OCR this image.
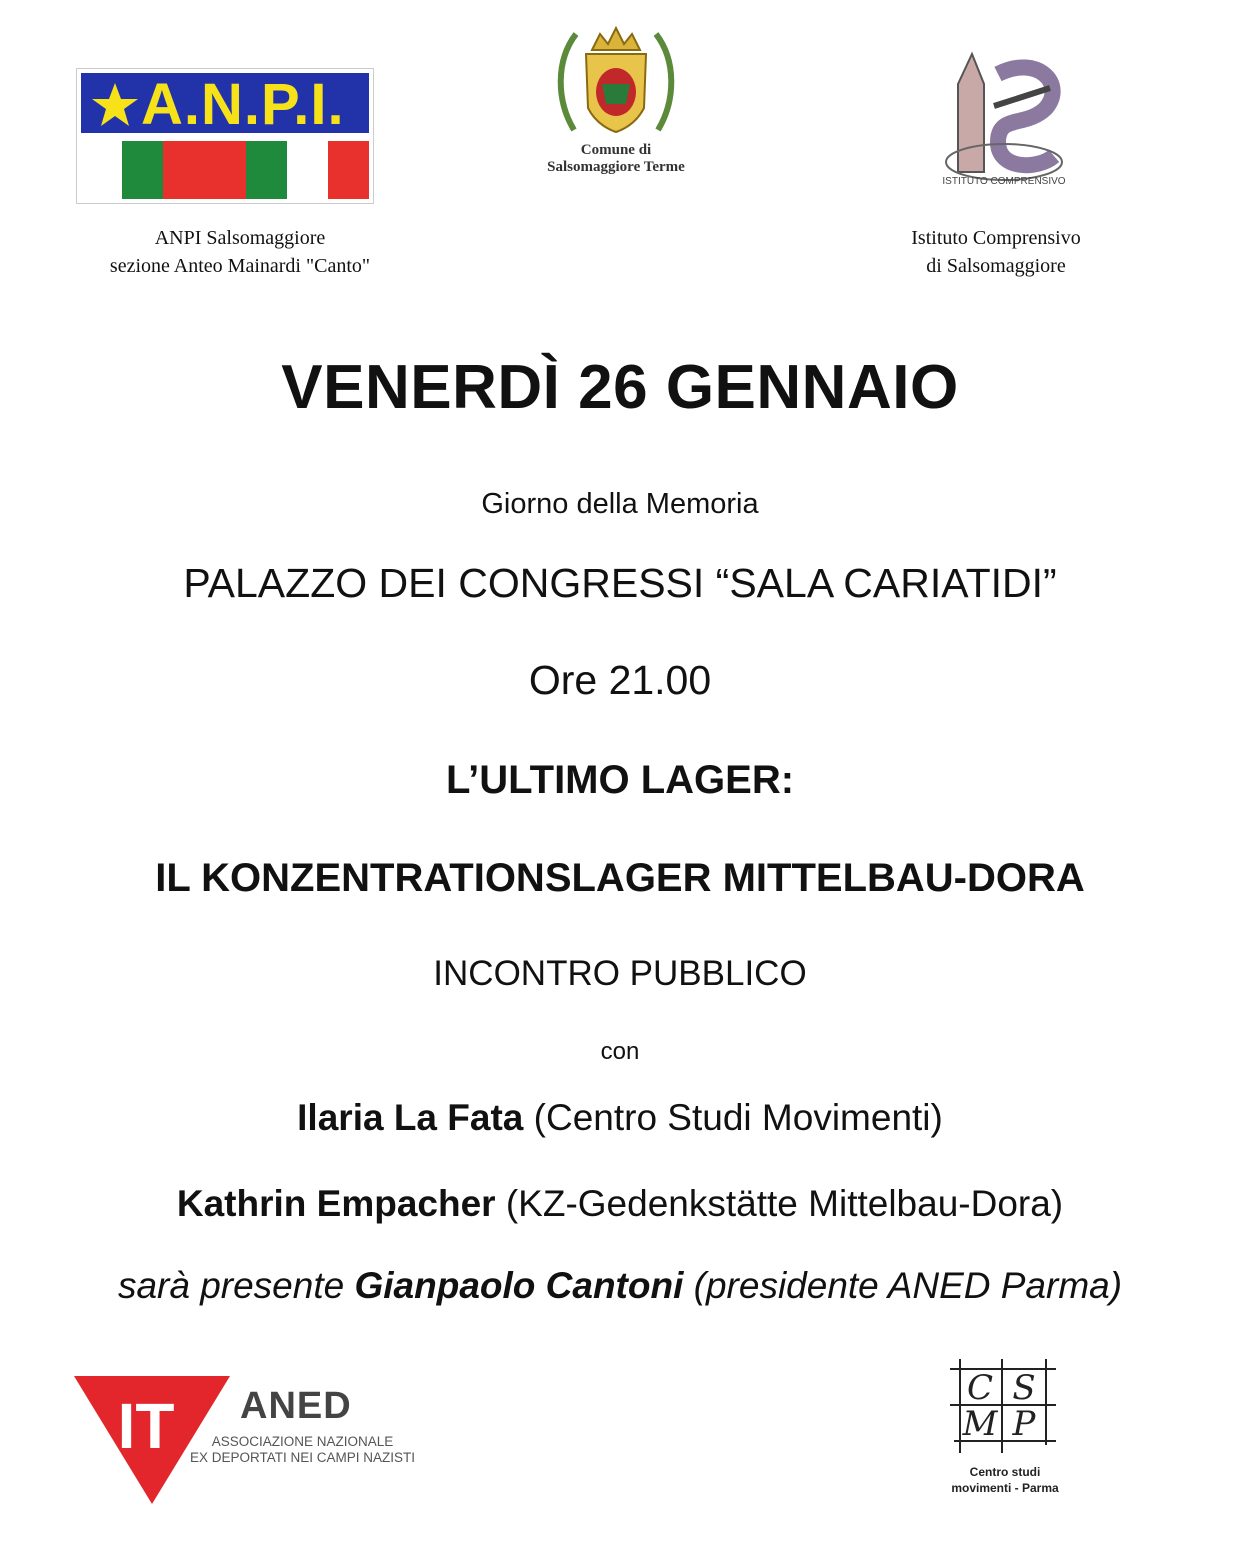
A.N.P.I.
ANPI Salsomaggiore
sezione Anteo Mainardi "Canto"
Comune di
Salsomaggiore Terme
ISTITUTO COMPRENSIVO
Istituto Comprensivo
di Salsomaggiore
VENERDÌ 26 GENNAIO
Giorno della Memoria
PALAZZO DEI CONGRESSI “SALA CARIATIDI”
Ore 21.00
L’ULTIMO LAGER:
IL KONZENTRATIONSLAGER MITTELBAU-DORA
INCONTRO PUBBLICO
con
Ilaria La Fata (Centro Studi Movimenti)
Kathrin Empacher (KZ-Gedenkstätte Mittelbau-Dora)
sarà presente Gianpaolo Cantoni (presidente ANED Parma)
IT ANED
ASSOCIAZIONE NAZIONALE
EX DEPORTATI NEI CAMPI NAZISTI
C S
M P
Centro studi
movimenti - Parma
